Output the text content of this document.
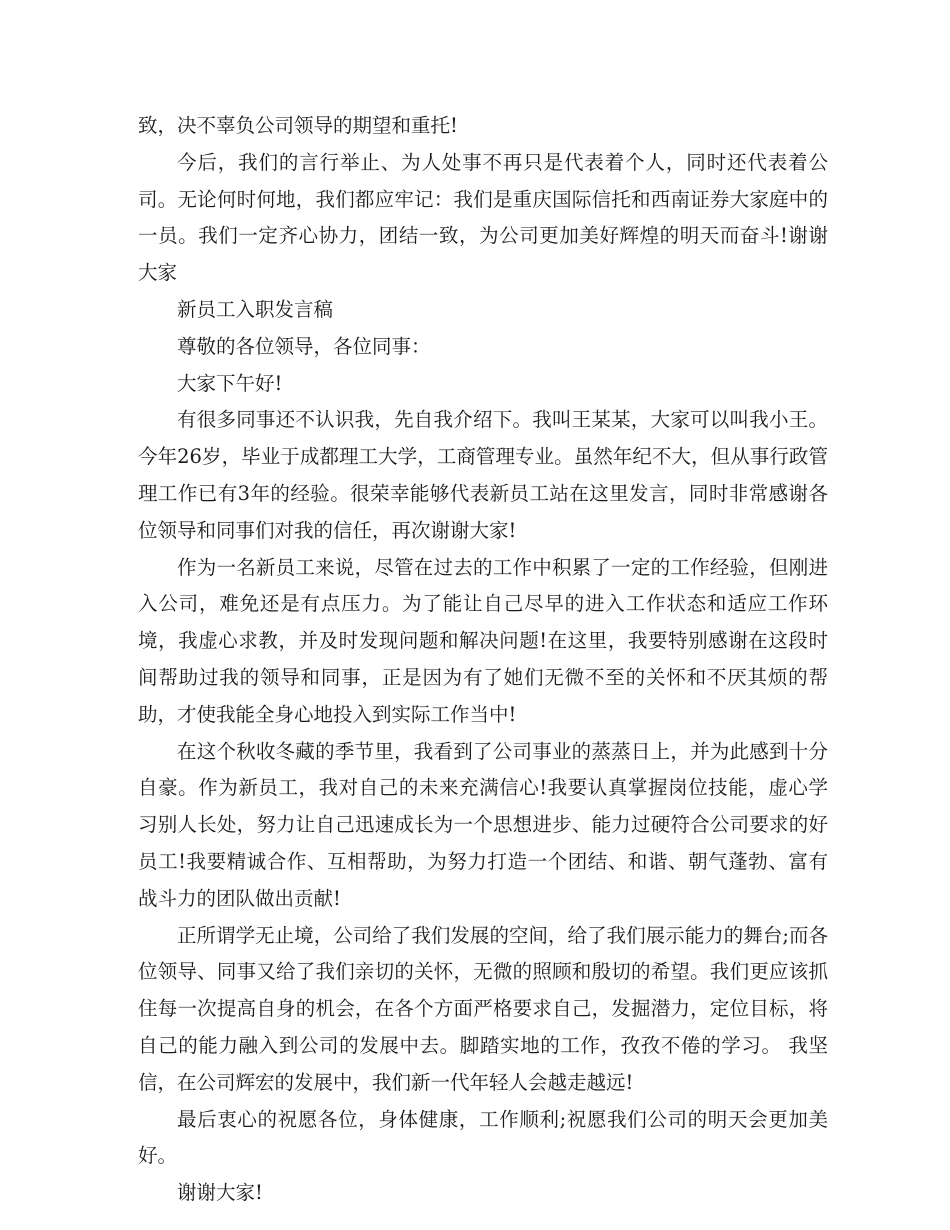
致，决不辜负公司领导的期望和重托!

今后，我们的言行举止、为人处事不再只是代表着个人，同时还代表着公司。无论何时何地，我们都应牢记：我们是重庆国际信托和西南证券大家庭中的一员。我们一定齐心协力，团结一致，为公司更加美好辉煌的明天而奋斗!谢谢大家

新员工入职发言稿

尊敬的各位领导，各位同事：

大家下午好!

有很多同事还不认识我，先自我介绍下。我叫王某某，大家可以叫我小王。今年26岁，毕业于成都理工大学，工商管理专业。虽然年纪不大，但从事行政管理工作已有3年的经验。很荣幸能够代表新员工站在这里发言，同时非常感谢各位领导和同事们对我的信任，再次谢谢大家!

作为一名新员工来说，尽管在过去的工作中积累了一定的工作经验，但刚进入公司，难免还是有点压力。为了能让自己尽早的进入工作状态和适应工作环境，我虚心求教，并及时发现问题和解决问题!在这里，我要特别感谢在这段时间帮助过我的领导和同事，正是因为有了她们无微不至的关怀和不厌其烦的帮助，才使我能全身心地投入到实际工作当中!

在这个秋收冬藏的季节里，我看到了公司事业的蒸蒸日上，并为此感到十分自豪。作为新员工，我对自己的未来充满信心!我要认真掌握岗位技能，虚心学习别人长处，努力让自己迅速成长为一个思想进步、能力过硬符合公司要求的好员工!我要精诚合作、互相帮助，为努力打造一个团结、和谐、朝气蓬勃、富有战斗力的团队做出贡献!

正所谓学无止境，公司给了我们发展的空间，给了我们展示能力的舞台;而各位领导、同事又给了我们亲切的关怀，无微的照顾和殷切的希望。我们更应该抓住每一次提高自身的机会，在各个方面严格要求自己，发掘潜力，定位目标，将自己的能力融入到公司的发展中去。脚踏实地的工作，孜孜不倦的学习。 我坚信，在公司辉宏的发展中，我们新一代年轻人会越走越远!

最后衷心的祝愿各位，身体健康，工作顺利;祝愿我们公司的明天会更加美好。

谢谢大家!
